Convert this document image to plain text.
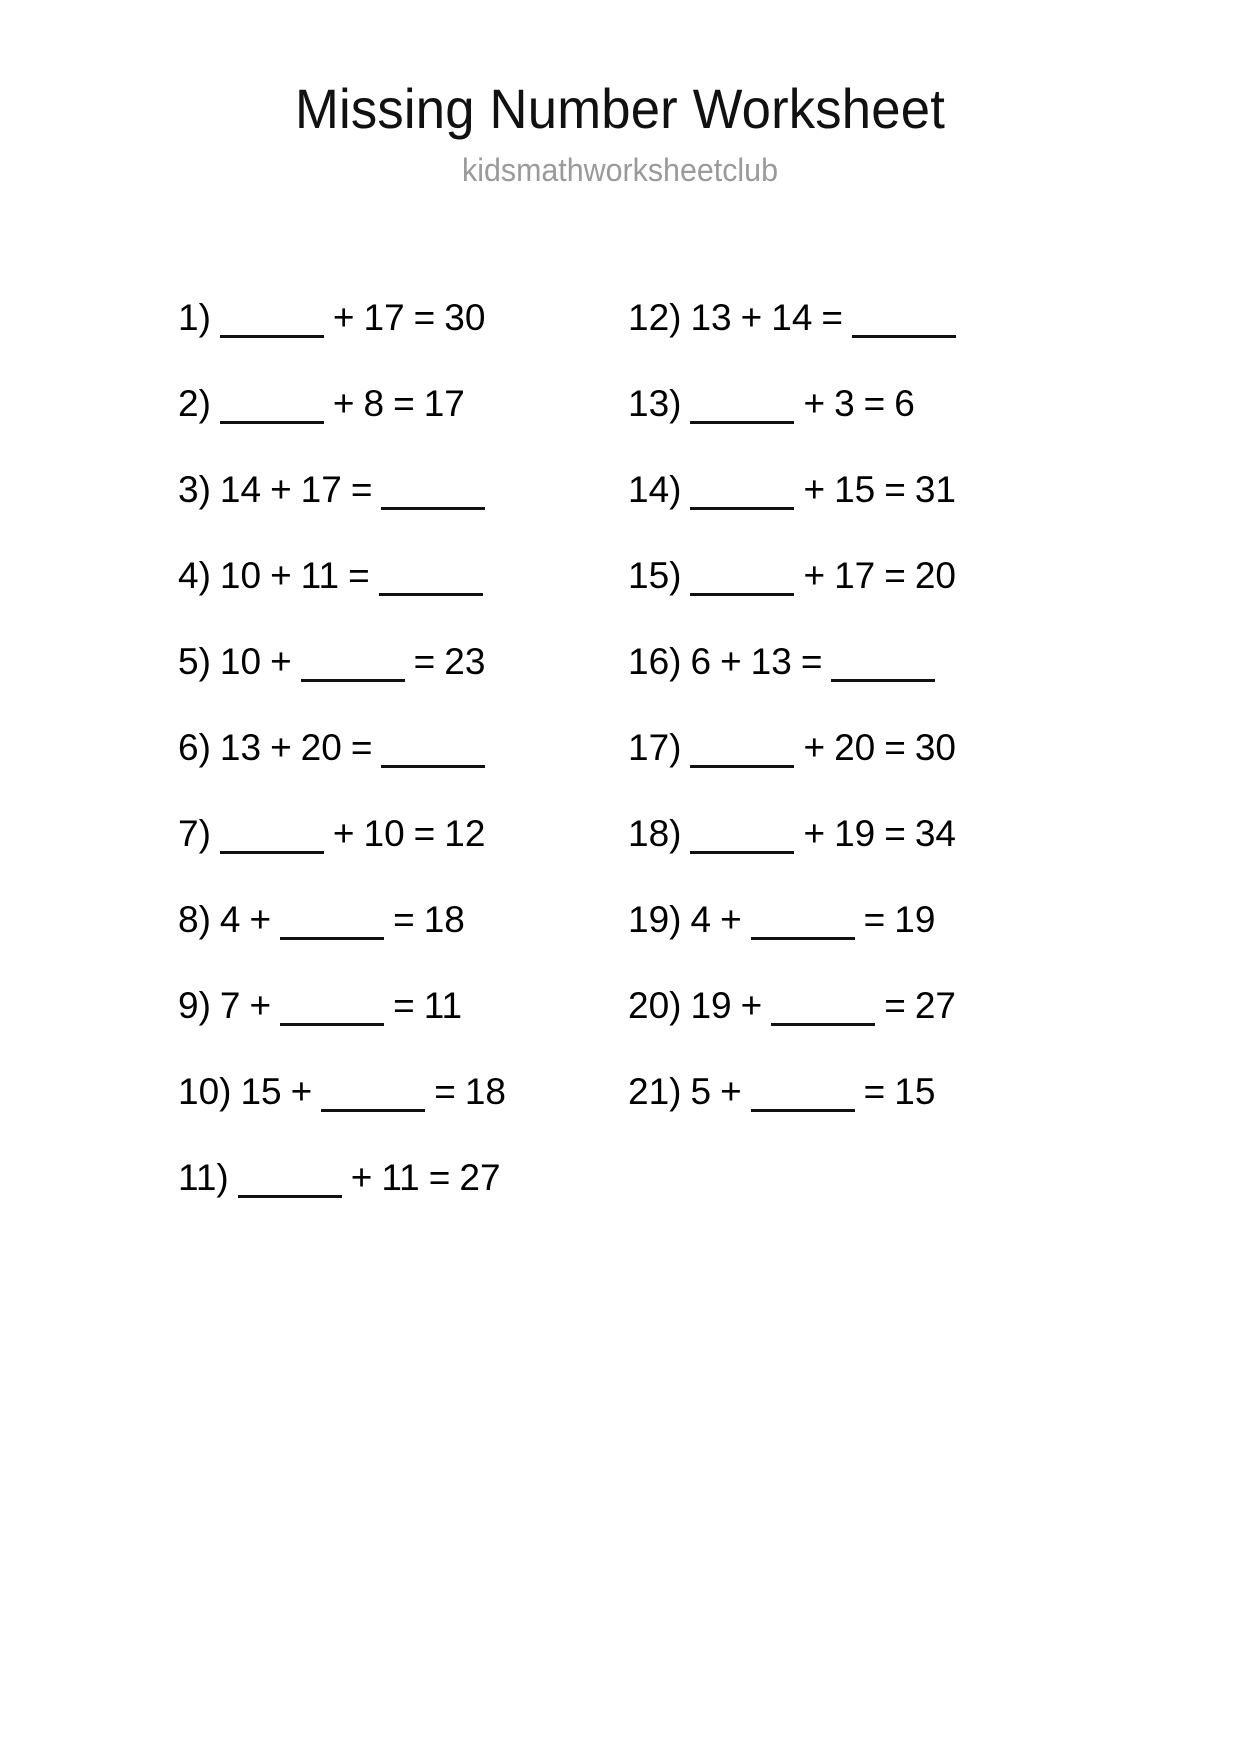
Missing Number Worksheet
kidsmathworksheetclub
1)	+ 17 = 30
2)	+ 8 = 17
3) 14 + 17 =
4) 10 + 11 =
5) 10 +	= 23
6) 13 + 20 =
7)	+ 10 = 12
8) 4 +	= 18
9) 7 +	= 11
10) 15 +	= 18
11)	+ 11 = 27
12) 13 + 14 =
13)	+ 3 = 6
14)	+ 15 = 31
15)	+ 17 = 20
16) 6 + 13 =
17)	+ 20 = 30
18)	+ 19 = 34
19) 4 +	= 19
20) 19 +	= 27
21) 5 +	= 15
